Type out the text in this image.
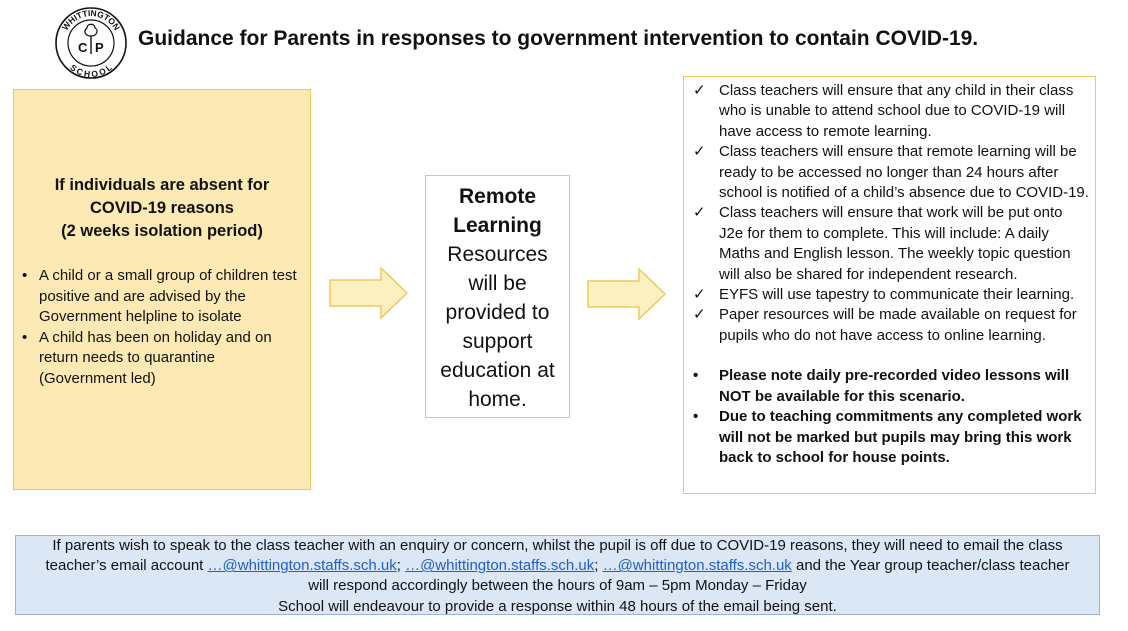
WHITTINGTON
SCHOOL
C P Guidance for Parents in responses to government intervention to contain COVID-19.
If individuals are absent for
COVID-19 reasons
(2 weeks isolation period)
• A child or a small group of children test positive and are advised by the Government helpline to isolate
• A child has been on holiday and on return needs to quarantine (Government led)
Remote
Learning
Resources
will be
provided to
support
education at
home.
✓ Class teachers will ensure that any child in their class who is unable to attend school due to COVID-19 will have access to remote learning.
✓ Class teachers will ensure that remote learning will be ready to be accessed no longer than 24 hours after school is notified of a child’s absence due to COVID-19.
✓ Class teachers will ensure that work will be put onto J2e for them to complete. This will include: A daily Maths and English lesson. The weekly topic question will also be shared for independent research.
✓ EYFS will use tapestry to communicate their learning.
✓ Paper resources will be made available on request for pupils who do not have access to online learning.
• Please note daily pre-recorded video lessons will NOT be available for this scenario.
• Due to teaching commitments any completed work will not be marked but pupils may bring this work back to school for house points.
If parents wish to speak to the class teacher with an enquiry or concern, whilst the pupil is off due to COVID-19 reasons, they will need to email the class
teacher’s email account …@whittington.staffs.sch.uk; …@whittington.staffs.sch.uk; …@whittington.staffs.sch.uk and the Year group teacher/class teacher
will respond accordingly between the hours of 9am – 5pm Monday – Friday
School will endeavour to provide a response within 48 hours of the email being sent.
